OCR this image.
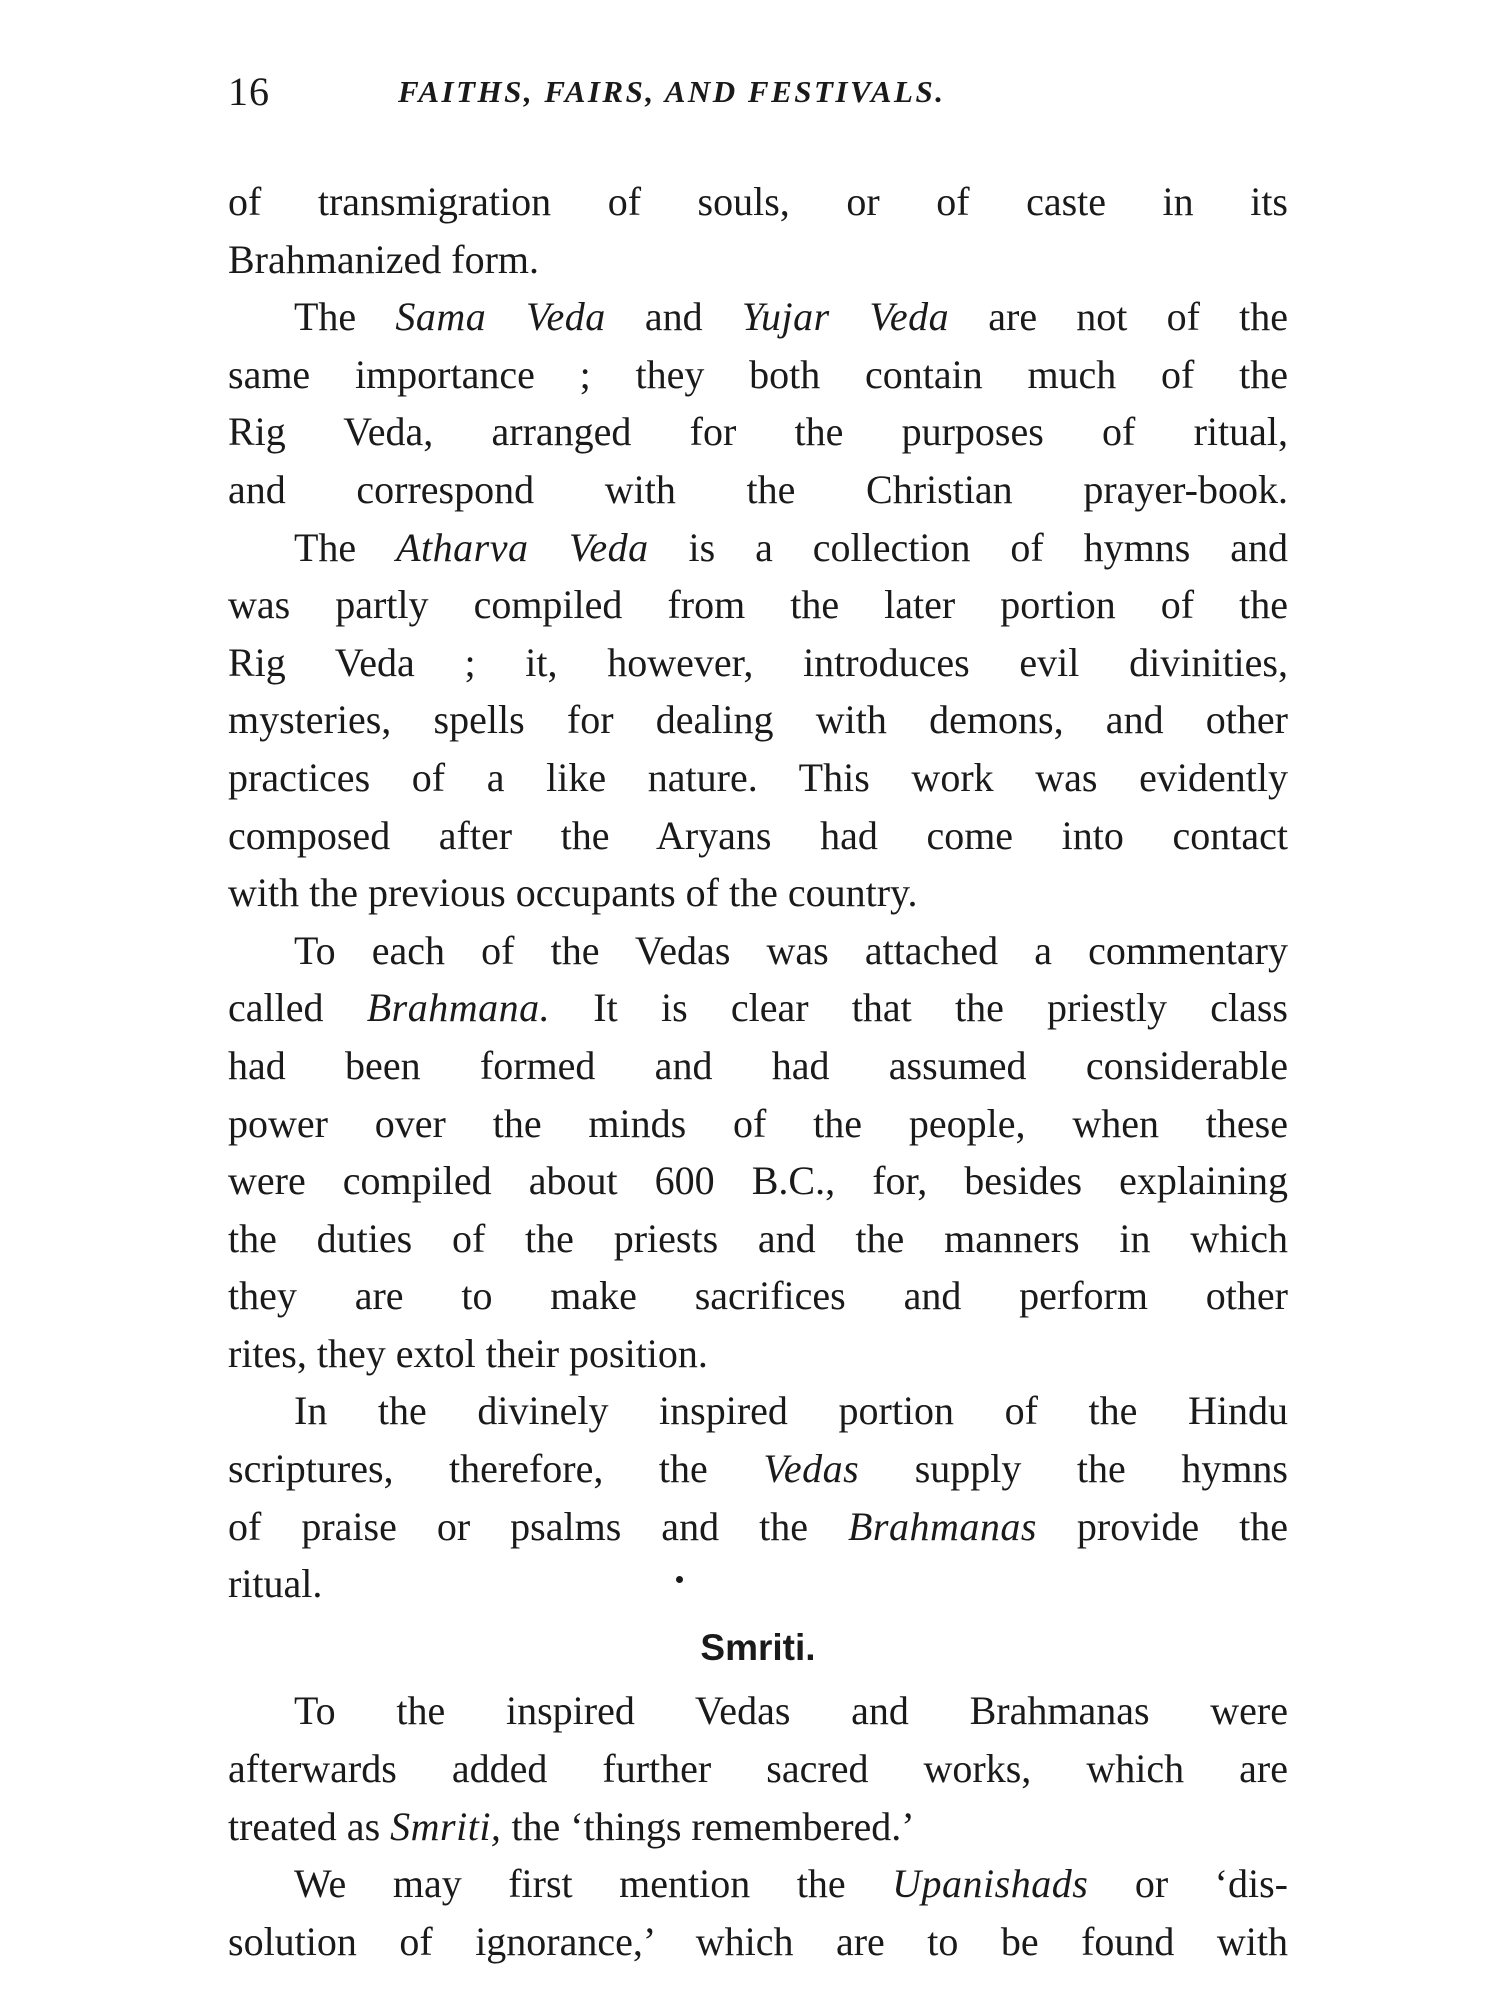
16	FAITHS, FAIRS, AND FESTIVALS.
of transmigration of souls, or of caste in its
Brahmanized form.
The Sama Veda and Yujar Veda are not of the
same importance ; they both contain much of the
Rig Veda, arranged for the purposes of ritual,
and correspond with the Christian prayer-book.
The Atharva Veda is a collection of hymns and
was partly compiled from the later portion of the
Rig Veda ; it, however, introduces evil divinities,
mysteries, spells for dealing with demons, and other
practices of a like nature. This work was evidently
composed after the Aryans had come into contact
with the previous occupants of the country.
To each of the Vedas was attached a commentary
called Brahmana. It is clear that the priestly class
had been formed and had assumed considerable
power over the minds of the people, when these
were compiled about 600 B.C., for, besides explaining
the duties of the priests and the manners in which
they are to make sacrifices and perform other
rites, they extol their position.
In the divinely inspired portion of the Hindu
scriptures, therefore, the Vedas supply the hymns
of praise or psalms and the Brahmanas provide the
ritual.
Smriti.
To the inspired Vedas and Brahmanas were
afterwards added further sacred works, which are
treated as Smriti, the ‘things remembered.’
We may first mention the Upanishads or ‘dis-
solution of ignorance,’ which are to be found with
